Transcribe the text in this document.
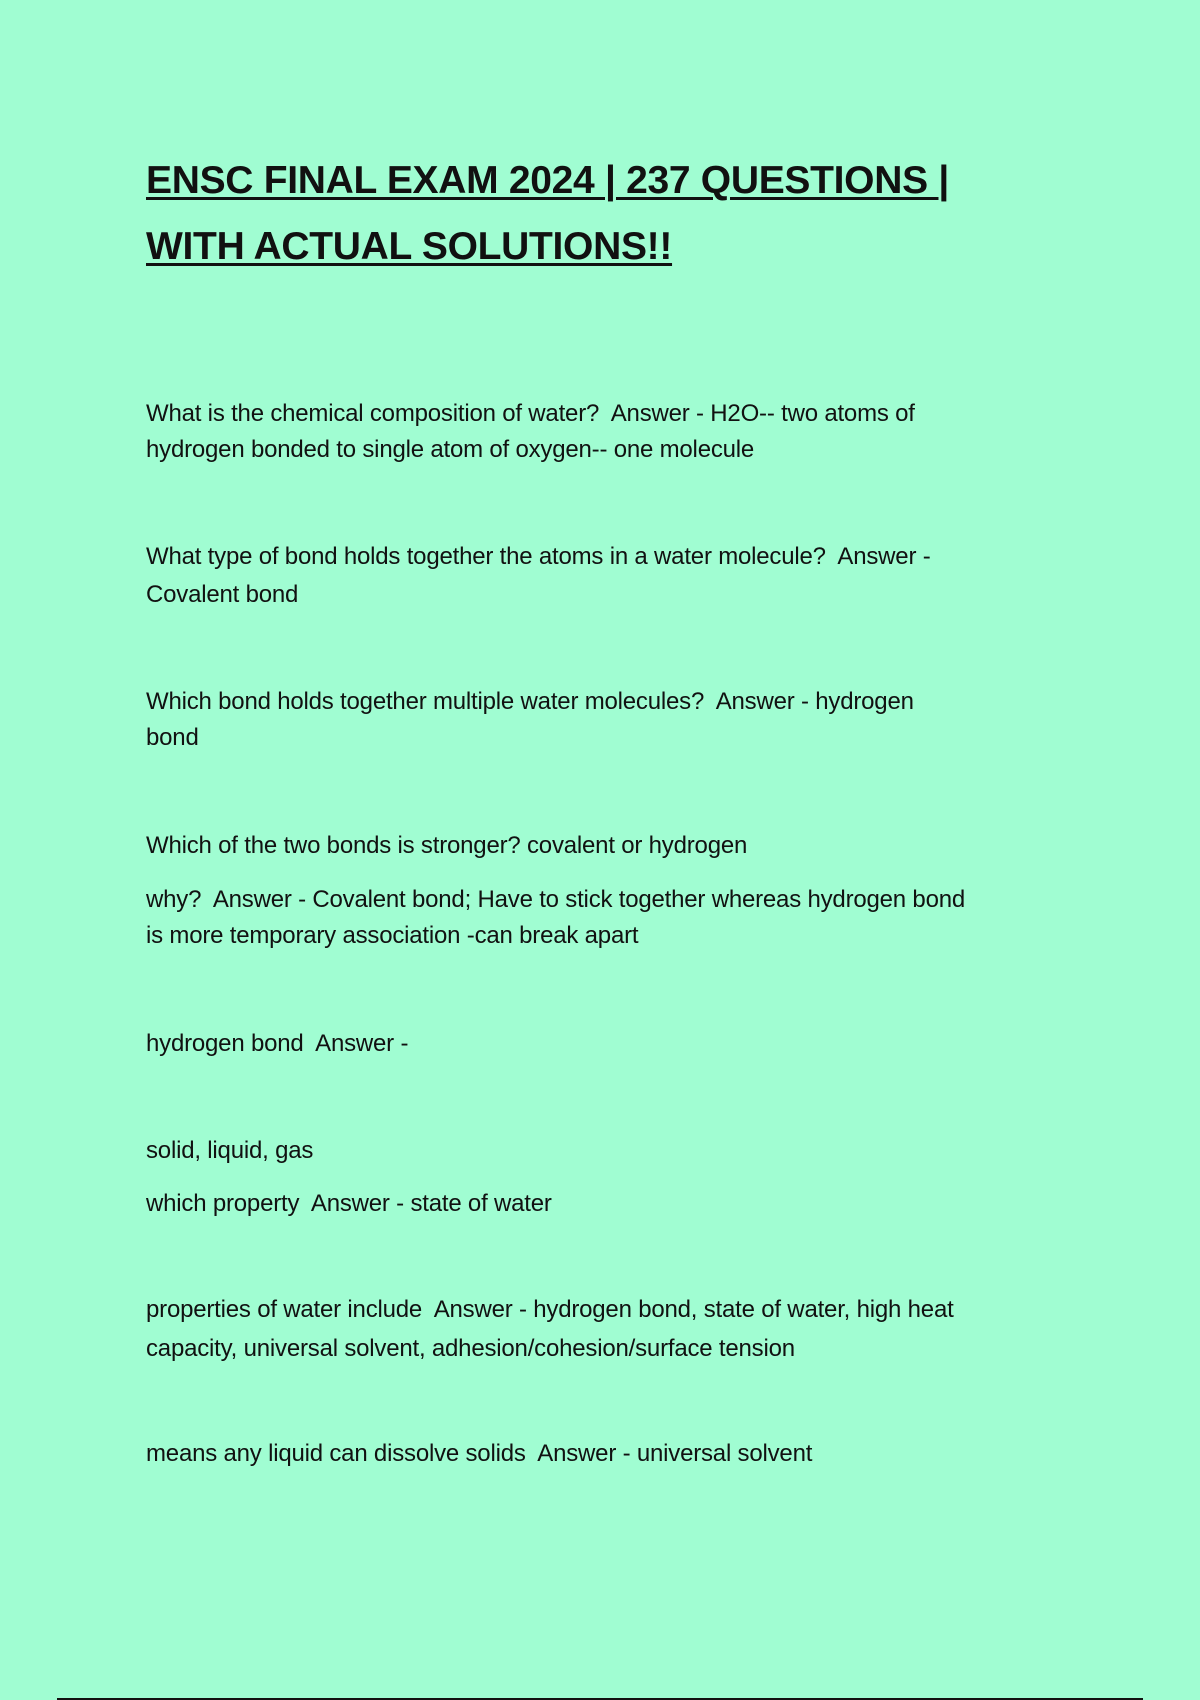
ENSC FINAL EXAM 2024 | 237 QUESTIONS |
WITH ACTUAL SOLUTIONS!!

What is the chemical composition of water?  Answer - H2O-- two atoms of

hydrogen bonded to single atom of oxygen-- one molecule

What type of bond holds together the atoms in a water molecule?  Answer -

Covalent bond

Which bond holds together multiple water molecules?  Answer - hydrogen

bond

Which of the two bonds is stronger? covalent or hydrogen

why?  Answer - Covalent bond; Have to stick together whereas hydrogen bond

is more temporary association -can break apart

hydrogen bond  Answer -

solid, liquid, gas

which property  Answer - state of water

properties of water include  Answer - hydrogen bond, state of water, high heat

capacity, universal solvent, adhesion/cohesion/surface tension

means any liquid can dissolve solids  Answer - universal solvent
